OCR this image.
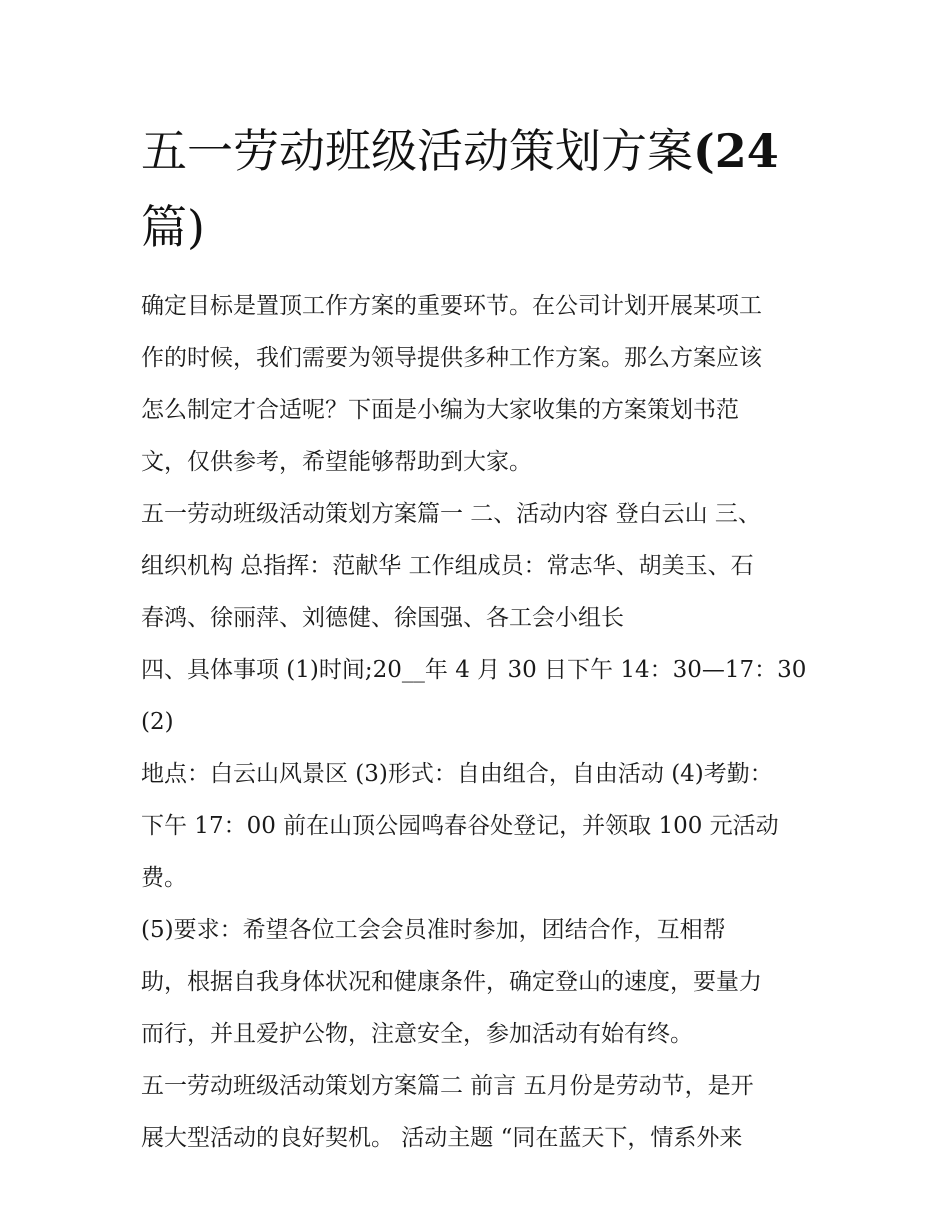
五一劳动班级活动策划方案(24
篇)

确定目标是置顶工作方案的重要环节。在公司计划开展某项工
作的时候，我们需要为领导提供多种工作方案。那么方案应该
怎么制定才合适呢？下面是小编为大家收集的方案策划书范
文，仅供参考，希望能够帮助到大家。

五一劳动班级活动策划方案篇一 二、活动内容 登白云山 三、
组织机构 总指挥：范献华 工作组成员：常志华、胡美玉、石
春鸿、徐丽萍、刘德健、徐国强、各工会小组长

四、具体事项 (1)时间;20__年 4 月 30 日下午 14：30—17：30 (2)
地点：白云山风景区 (3)形式：自由组合，自由活动 (4)考勤：
下午 17：00 前在山顶公园鸣春谷处登记，并领取 100 元活动
费。

(5)要求：希望各位工会会员准时参加，团结合作，互相帮
助，根据自我身体状况和健康条件，确定登山的速度，要量力
而行，并且爱护公物，注意安全，参加活动有始有终。

五一劳动班级活动策划方案篇二 前言 五月份是劳动节，是开
展大型活动的良好契机。 活动主题 “同在蓝天下，情系外来
